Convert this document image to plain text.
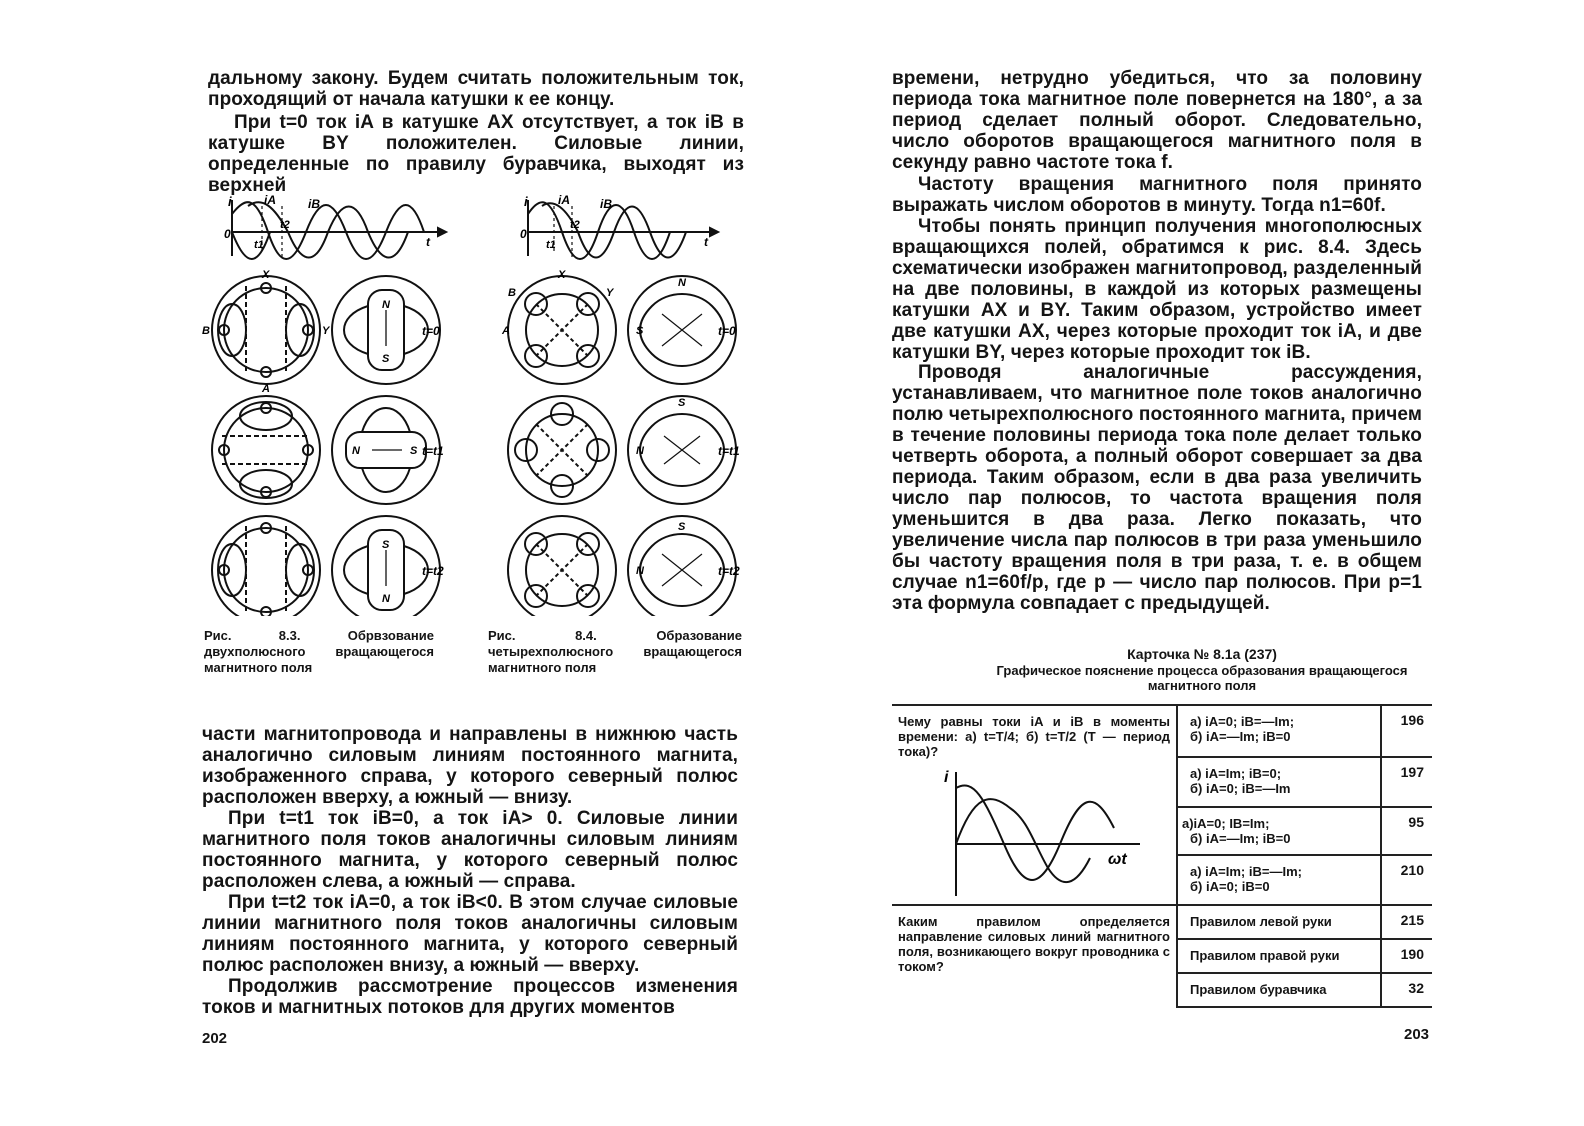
дальному закону. Будем считать положительным ток, проходящий от начала катушки к ее концу.

При t=0 ток iA в катушке AX отсутствует, а ток iB в катушке BY положителен. Силовые линии, определенные по правилу буравчика, выходят из верхней

i	iA	iB
0
t1
t2
t
X
B	Y
A
N
S
t=0
N	S t=t1
S
N
t=t2
i	iA	iB
0
t1
t2
t
X
B	Y
A
N
S	t=0
N
S
t=t1
N
S
t=t2

Рис. 8.3. Обрвзование двухполюсного вращающегося магнитного поля

Рис. 8.4. Образование четырехполюсного вращающегося магнитного поля

части магнитопровода и направлены в нижнюю часть аналогично силовым линиям постоянного магнита, изображенного справа, у которого северный полюс расположен вверху, а южный — внизу.

При t=t1 ток iB=0, а ток iA> 0. Силовые линии магнитного поля токов аналогичны силовым линиям постоянного магнита, у которого северный полюс расположен слева, а южный — справа.

При t=t2 ток iA=0, а ток iB<0. В этом случае силовые линии магнитного поля токов аналогичны силовым линиям постоянного магнита, у которого северный полюс расположен внизу, а южный — вверху.

Продолжив рассмотрение процессов изменения токов и магнитных потоков для других моментов

202

времени, нетрудно убедиться, что за половину периода тока магнитное поле повернется на 180°, а за период сделает полный оборот. Следовательно, число оборотов вращающегося магнитного поля в секунду равно частоте тока f.

Частоту вращения магнитного поля принято выражать числом оборотов в минуту. Тогда n1=60f.

Чтобы понять принцип получения многополюсных вращающихся полей, обратимся к рис. 8.4. Здесь схематически изображен магнитопровод, разделенный на две половины, в каждой из которых размещены катушки AX и BY. Таким образом, устройство имеет две катушки AX, через которые проходит ток iA, и две катушки BY, через которые проходит ток iB.

Проводя аналогичные рассуждения, устанавливаем, что магнитное поле токов аналогично полю четырехполюсного постоянного магнита, причем в течение половины периода тока поле делает только четверть оборота, а полный оборот совершает за два периода. Таким образом, если в два раза увеличить число пар полюсов, то частота вращения поля уменьшится в два раза. Легко показать, что увеличение числа пар полюсов в три раза уменьшило бы частоту вращения поля в три раза, т. е. в общем случае n1=60f/p, где p — число пар полюсов. При p=1 эта формула совпадает с предыдущей.

Карточка № 8.1а (237)
Графическое пояснение процесса образования вращающегося магнитного поля
Чему равны токи iA и iB в моменты времени: а) t=T/4; б) t=T/2 (T — период тока)?
i
ωt
а) iA=0; iB=—Im;
б) iA=—Im; iB=0
196
а) iA=Im; iB=0;
б) iA=0; iB=—Im
197
а)iA=0; IB=Im;
б) iA=—Im; iB=0
95
а) iA=Im; iB=—Im;
б) iA=0; iB=0
210
Каким правилом определяется направление силовых линий магнитного поля, возникающего вокруг проводника с током?
Правилом левой руки	215
Правилом правой руки	190
Правилом буравчика	32
203
